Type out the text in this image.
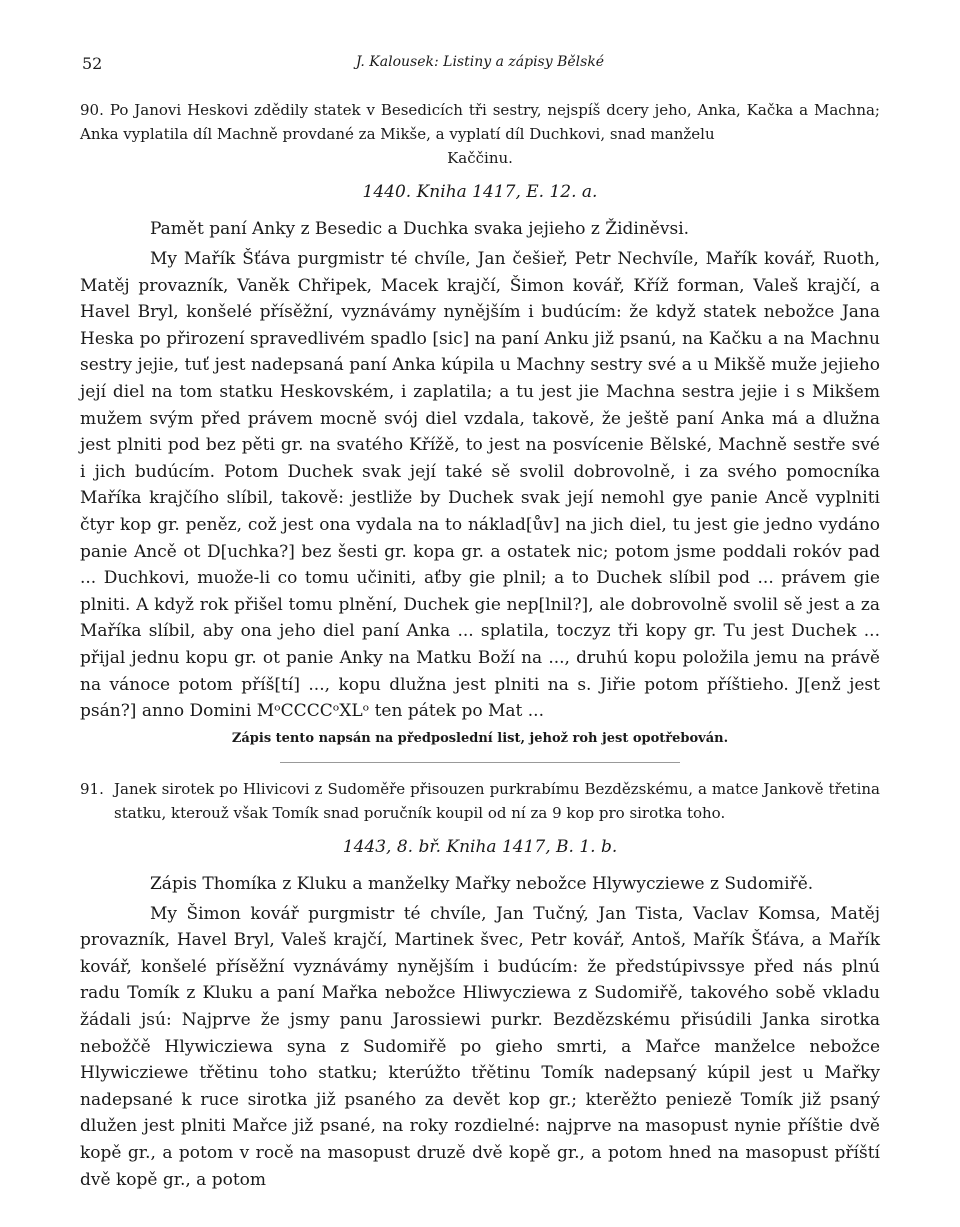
52	J. Kalousek: Listiny a zápisy Bělské

90. Po Janovi Heskovi zdědily statek v Besedicích tři sestry, nejspíš dcery jeho, Anka, Kačka a Machna; Anka vyplatila díl Machně provdané za Mikše, a vyplatí díl Duchkovi, snad manželu

Kaččinu.

1440. Kniha 1417, E. 12. a.

Pamět paní Anky z Besedic a Duchka svaka jejieho z Židiněvsi.

My Mařík Šťáva purgmistr té chvíle, Jan češieř, Petr Nechvíle, Mařík kovář, Ruoth, Matěj provazník, Vaněk Chřipek, Macek krajčí, Šimon kovář, Kříž forman, Valeš krajčí, a Havel Bryl, konšelé přísěžní, vyznávámy nynějším i budúcím: že když statek nebožce Jana Heska po přirození spravedlivém spadlo [sic] na paní Anku již psanú, na Kačku a na Machnu sestry jejie, tuť jest nadepsaná paní Anka kúpila u Machny sestry své a u Mikšě muže jejieho její diel na tom statku Heskovském, i zaplatila; a tu jest jie Machna sestra jejie i s Mikšem mužem svým před právem mocně svój diel vzdala, takově, že ještě paní Anka má a dlužna jest plniti pod bez pěti gr. na svatého Křížě, to jest na posvícenie Bělské, Machně sestře své i jich budúcím. Potom Duchek svak její také sě svolil dobrovolně, i za svého pomocníka Maříka krajčího slíbil, takově: jestliže by Duchek svak její nemohl gye panie Ancě vyplniti čtyr kop gr. peněz, což jest ona vydala na to náklad[ův] na jich diel, tu jest gie jedno vydáno panie Ancě ot D[uchka?] bez šesti gr. kopa gr. a ostatek nic; potom jsme poddali rokóv pad ... Duchkovi, muože-li co tomu učiniti, aťby gie plnil; a to Duchek slíbil pod ... právem gie plniti. A když rok přišel tomu plnění, Duchek gie nep[lnil?], ale dobrovolně svolil sě jest a za Maříka slíbil, aby ona jeho diel paní Anka ... splatila, toczyz tři kopy gr. Tu jest Duchek ... přijal jednu kopu gr. ot panie Anky na Matku Boží na ..., druhú kopu položila jemu na právě na vánoce potom příš[tí] ..., kopu dlužna jest plniti na s. Jiřie potom příštieho. J[enž jest psán?] anno Domini MᵒCCCCᵒXLᵒ ten pátek po Mat ...

Zápis tento napsán na předposlední list, jehož roh jest opotřebován.

91. Janek sirotek po Hlivicovi z Sudoměře přisouzen purkrabímu Bezdězskému, a matce Jankově třetina statku, kterouž však Tomík snad poručník koupil od ní za 9 kop pro sirotka toho.

1443, 8. bř. Kniha 1417, B. 1. b.

Zápis Thomíka z Kluku a manželky Mařky nebožce Hlywycziewe z Sudomiřě.

My Šimon kovář purgmistr té chvíle, Jan Tučný, Jan Tista, Vaclav Komsa, Matěj provazník, Havel Bryl, Valeš krajčí, Martinek švec, Petr kovář, Antoš, Mařík Šťáva, a Mařík kovář, konšelé přísěžní vyznávámy nynějším i budúcím: že předstúpivssye před nás plnú radu Tomík z Kluku a paní Mařka nebožce Hliwycziewa z Sudomiřě, takového sobě vkladu žádali jsú: Najprve že jsmy panu Jarossiewi purkr. Bezdězskému přisúdili Janka sirotka nebožčě Hlywicziewa syna z Sudomiřě po gieho smrti, a Mařce manželce nebožce Hlywicziewe třětinu toho statku; kterúžto třětinu Tomík nadepsaný kúpil jest u Mařky nadepsané k ruce sirotka již psaného za devět kop gr.; kterěžto peniezě Tomík již psaný dlužen jest plniti Mařce již psané, na roky rozdielné: najprve na masopust nynie příštie dvě kopě gr., a potom v rocě na masopust druzě dvě kopě gr., a potom hned na masopust příští dvě kopě gr., a potom
